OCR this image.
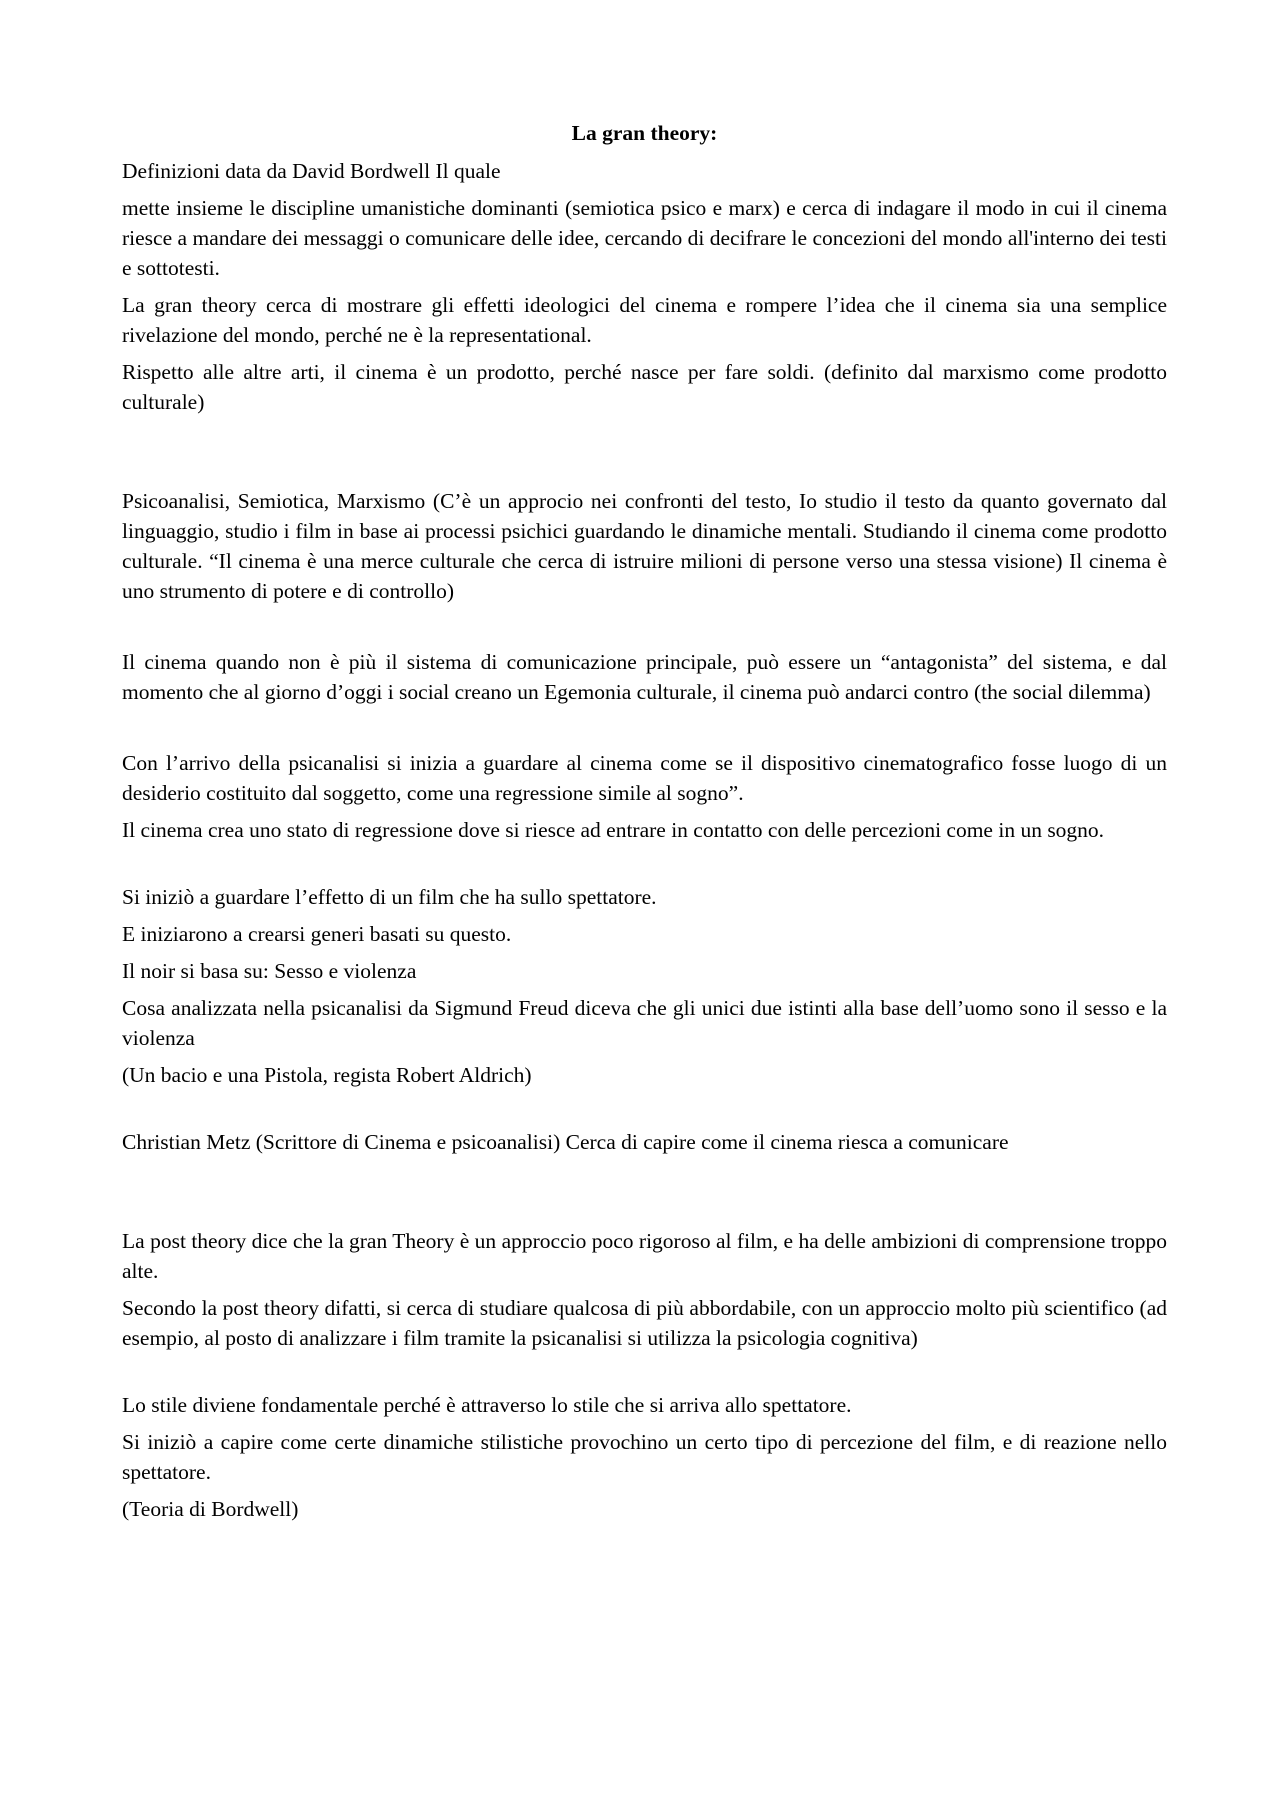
La gran theory:

Definizioni data da David Bordwell Il quale

mette insieme le discipline umanistiche dominanti (semiotica psico e marx) e cerca di indagare il modo in cui il cinema riesce a mandare dei messaggi o comunicare delle idee, cercando di decifrare le concezioni del mondo all'interno dei testi e sottotesti.

La gran theory cerca di mostrare gli effetti ideologici del cinema e rompere l’idea che il cinema sia una semplice rivelazione del mondo, perché ne è la representational.

Rispetto alle altre arti, il cinema è un prodotto, perché nasce per fare soldi. (definito dal marxismo come prodotto culturale)

Psicoanalisi, Semiotica, Marxismo (C’è un approcio nei confronti del testo, Io studio il testo da quanto governato dal linguaggio, studio i film in base ai processi psichici guardando le dinamiche mentali. Studiando il cinema come prodotto culturale. “Il cinema è una merce culturale che cerca di istruire milioni di persone verso una stessa visione) Il cinema è uno strumento di potere e di controllo)

Il cinema quando non è più il sistema di comunicazione principale, può essere un “antagonista” del sistema, e dal momento che al giorno d’oggi i social creano un Egemonia culturale, il cinema può andarci contro (the social dilemma)

Con l’arrivo della psicanalisi si inizia a guardare al cinema come se il dispositivo cinematografico fosse luogo di un desiderio costituito dal soggetto, come una regressione simile al sogno”.

Il cinema crea uno stato di regressione dove si riesce ad entrare in contatto con delle percezioni come in un sogno.

Si iniziò a guardare l’effetto di un film che ha sullo spettatore.

E iniziarono a crearsi generi basati su questo.

Il noir si basa su: Sesso e violenza

Cosa analizzata nella psicanalisi da Sigmund Freud diceva che gli unici due istinti alla base dell’uomo sono il sesso e la violenza

(Un bacio e una Pistola, regista Robert Aldrich)

Christian Metz (Scrittore di Cinema e psicoanalisi) Cerca di capire come il cinema riesca a comunicare

La post theory dice che la gran Theory è un approccio poco rigoroso al film, e ha delle ambizioni di comprensione troppo alte.

Secondo la post theory difatti, si cerca di studiare qualcosa di più abbordabile, con un approccio molto più scientifico (ad esempio, al posto di analizzare i film tramite la psicanalisi si utilizza la psicologia cognitiva)

Lo stile diviene fondamentale perché è attraverso lo stile che si arriva allo spettatore.

Si iniziò a capire come certe dinamiche stilistiche provochino un certo tipo di percezione del film, e di reazione nello spettatore.

(Teoria di Bordwell)
